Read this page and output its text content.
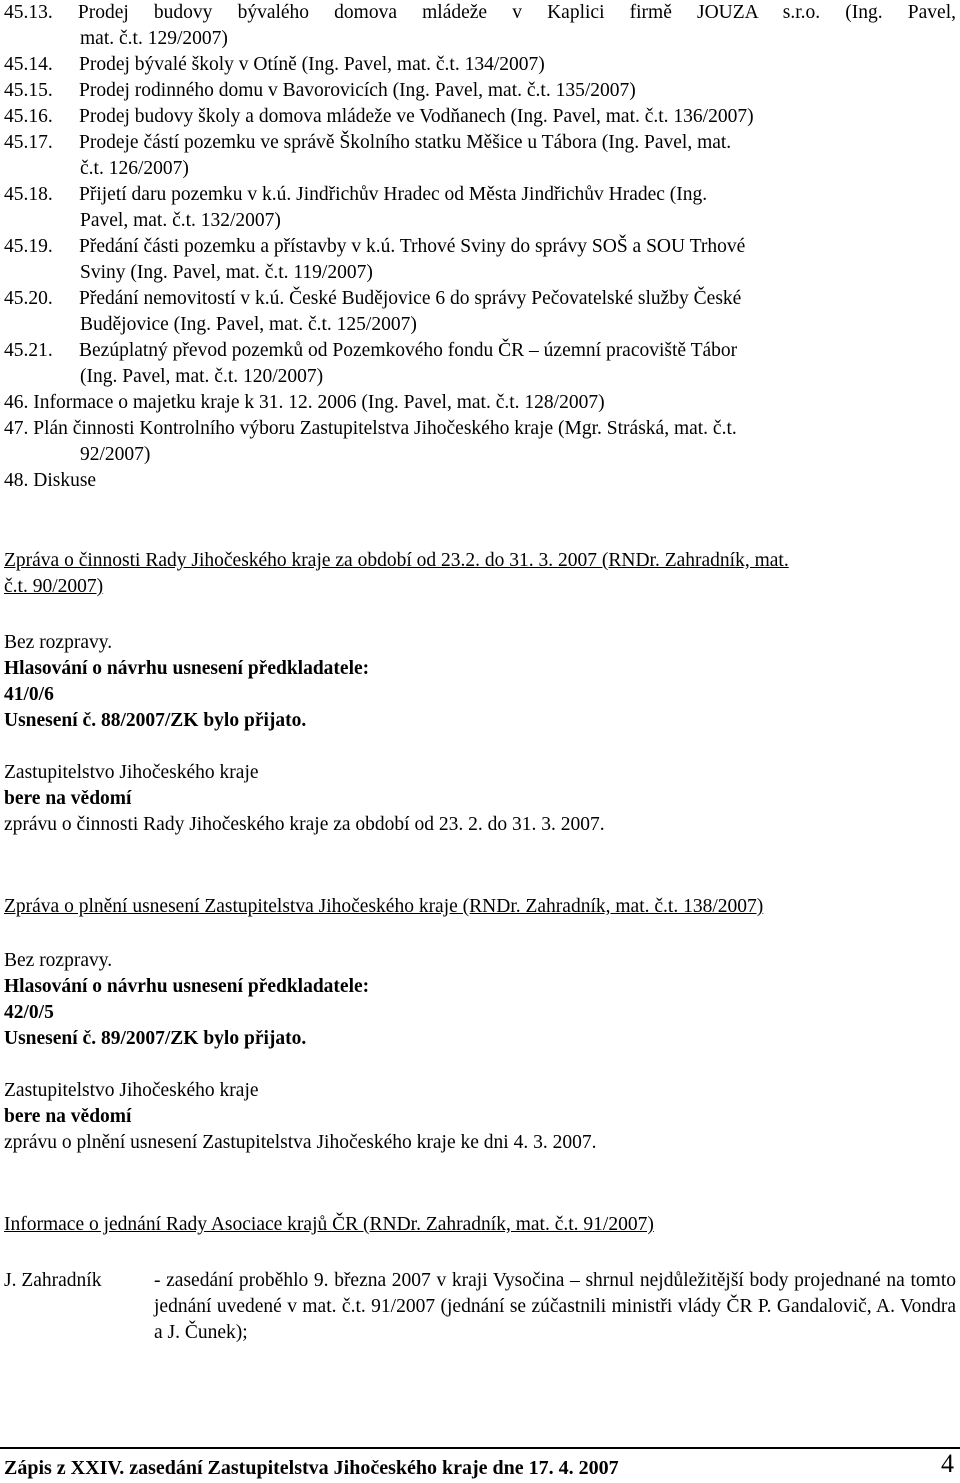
45.13. Prodej budovy bývalého domova mládeže v Kaplici firmě JOUZA s.r.o. (Ing. Pavel,
mat. č.t. 129/2007)
45.14. Prodej bývalé školy v Otíně (Ing. Pavel, mat. č.t. 134/2007)
45.15. Prodej rodinného domu v Bavorovicích (Ing. Pavel, mat. č.t. 135/2007)
45.16. Prodej budovy školy a domova mládeže ve Vodňanech (Ing. Pavel, mat. č.t. 136/2007)
45.17. Prodeje částí pozemku ve správě Školního statku Měšice u Tábora (Ing. Pavel, mat.
č.t. 126/2007)
45.18. Přijetí daru pozemku v k.ú. Jindřichův Hradec od Města Jindřichův Hradec (Ing.
Pavel, mat. č.t. 132/2007)
45.19. Předání části pozemku a přístavby v k.ú. Trhové Sviny do správy SOŠ a SOU Trhové
Sviny (Ing. Pavel, mat. č.t. 119/2007)
45.20. Předání nemovitostí v k.ú. České Budějovice 6 do správy Pečovatelské služby České
Budějovice (Ing. Pavel, mat. č.t. 125/2007)
45.21. Bezúplatný převod pozemků od Pozemkového fondu ČR – územní pracoviště Tábor
(Ing. Pavel, mat. č.t. 120/2007)
46. Informace o majetku kraje k 31. 12. 2006 (Ing. Pavel, mat. č.t. 128/2007)
47. Plán činnosti Kontrolního výboru Zastupitelstva Jihočeského kraje (Mgr. Stráská, mat. č.t.
92/2007)
48. Diskuse
Zpráva o činnosti Rady Jihočeského kraje za období od 23.2. do 31. 3. 2007 (RNDr. Zahradník, mat.
č.t. 90/2007)
Bez rozpravy.
Hlasování o návrhu usnesení předkladatele:
41/0/6
Usnesení č. 88/2007/ZK bylo přijato.
Zastupitelstvo Jihočeského kraje
bere na vědomí
zprávu o činnosti Rady Jihočeského kraje za období od 23. 2. do 31. 3. 2007.
Zpráva o plnění usnesení Zastupitelstva Jihočeského kraje (RNDr. Zahradník, mat. č.t. 138/2007)
Bez rozpravy.
Hlasování o návrhu usnesení předkladatele:
42/0/5
Usnesení č. 89/2007/ZK bylo přijato.
Zastupitelstvo Jihočeského kraje
bere na vědomí
zprávu o plnění usnesení Zastupitelstva Jihočeského kraje ke dni 4. 3. 2007.
Informace o jednání Rady Asociace krajů ČR (RNDr. Zahradník, mat. č.t. 91/2007)
J. Zahradník	- zasedání proběhlo 9. března 2007 v kraji Vysočina – shrnul nejdůležitější body projednané na tomto jednání uvedené v mat. č.t. 91/2007 (jednání se zúčastnili ministři vlády ČR P. Gandalovič, A. Vondra a J. Čunek);
Zápis z XXIV. zasedání Zastupitelstva Jihočeského kraje dne 17. 4. 2007	4
